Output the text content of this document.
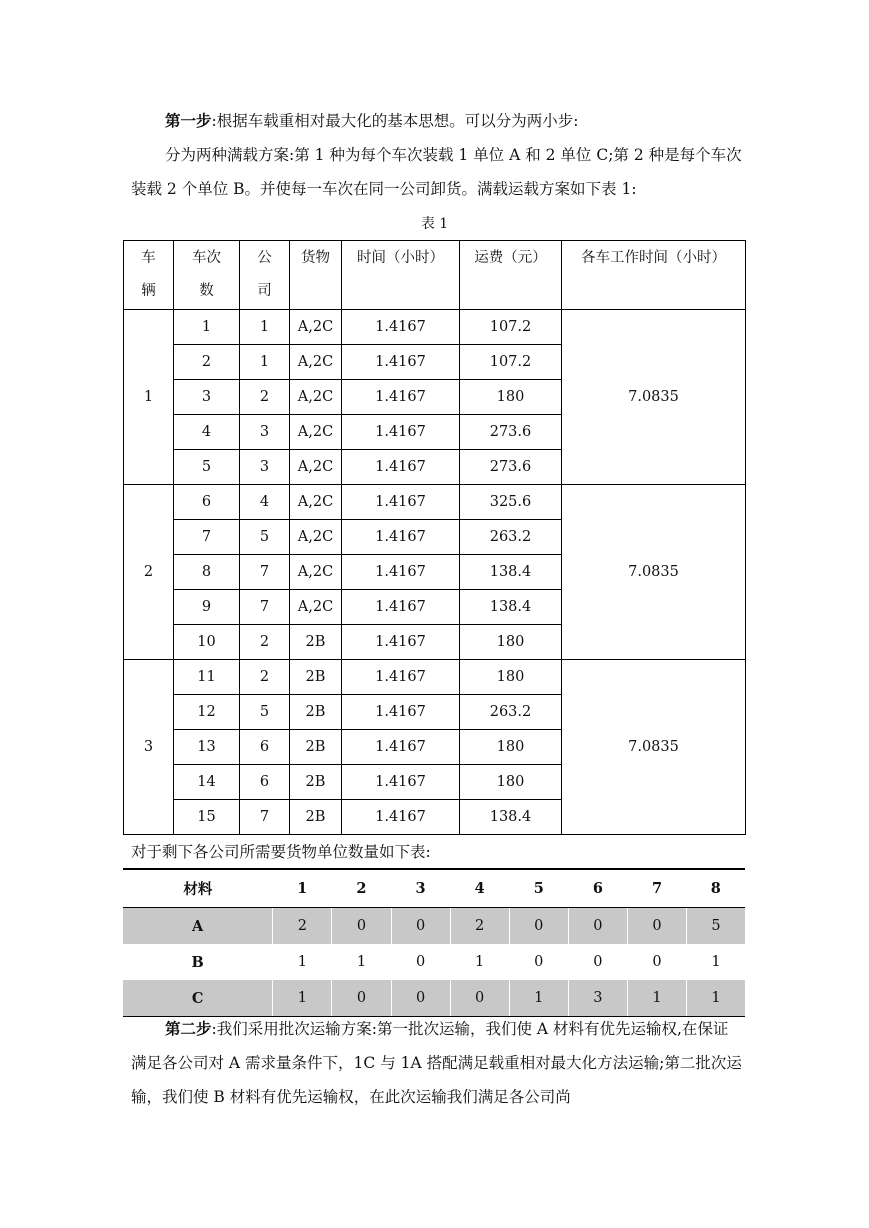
第一步:根据车载重相对最大化的基本思想。可以分为两小步:
分为两种满载方案:第 1 种为每个车次装载 1 单位 A 和 2 单位 C;第 2 种是每个车次装载 2 个单位 B。并使每一车次在同一公司卸货。满载运载方案如下表 1:
表 1
车辆	车次数	公司	货物	时间（小时）	运费（元）	各车工作时间（小时）
1	1	1	A,2C	1.4167	107.2	7.0835
	2	1	A,2C	1.4167	107.2	
	3	2	A,2C	1.4167	180	
	4	3	A,2C	1.4167	273.6	
	5	3	A,2C	1.4167	273.6	
2	6	4	A,2C	1.4167	325.6	7.0835
	7	5	A,2C	1.4167	263.2	
	8	7	A,2C	1.4167	138.4	
	9	7	A,2C	1.4167	138.4	
	10	2	2B	1.4167	180	
3	11	2	2B	1.4167	180	7.0835
	12	5	2B	1.4167	263.2	
	13	6	2B	1.4167	180	
	14	6	2B	1.4167	180	
	15	7	2B	1.4167	138.4	
对于剩下各公司所需要货物单位数量如下表:
材料	1	2	3	4	5	6	7	8
A	2	0	0	2	0	0	0	5
B	1	1	0	1	0	0	0	1
C	1	0	0	0	1	3	1	1
第二步:我们采用批次运输方案:第一批次运输，我们使 A 材料有优先运输权,在保证满足各公司对 A 需求量条件下，1C 与 1A 搭配满足载重相对最大化方法运输;第二批次运输，我们使 B 材料有优先运输权，在此次运输我们满足各公司尚
